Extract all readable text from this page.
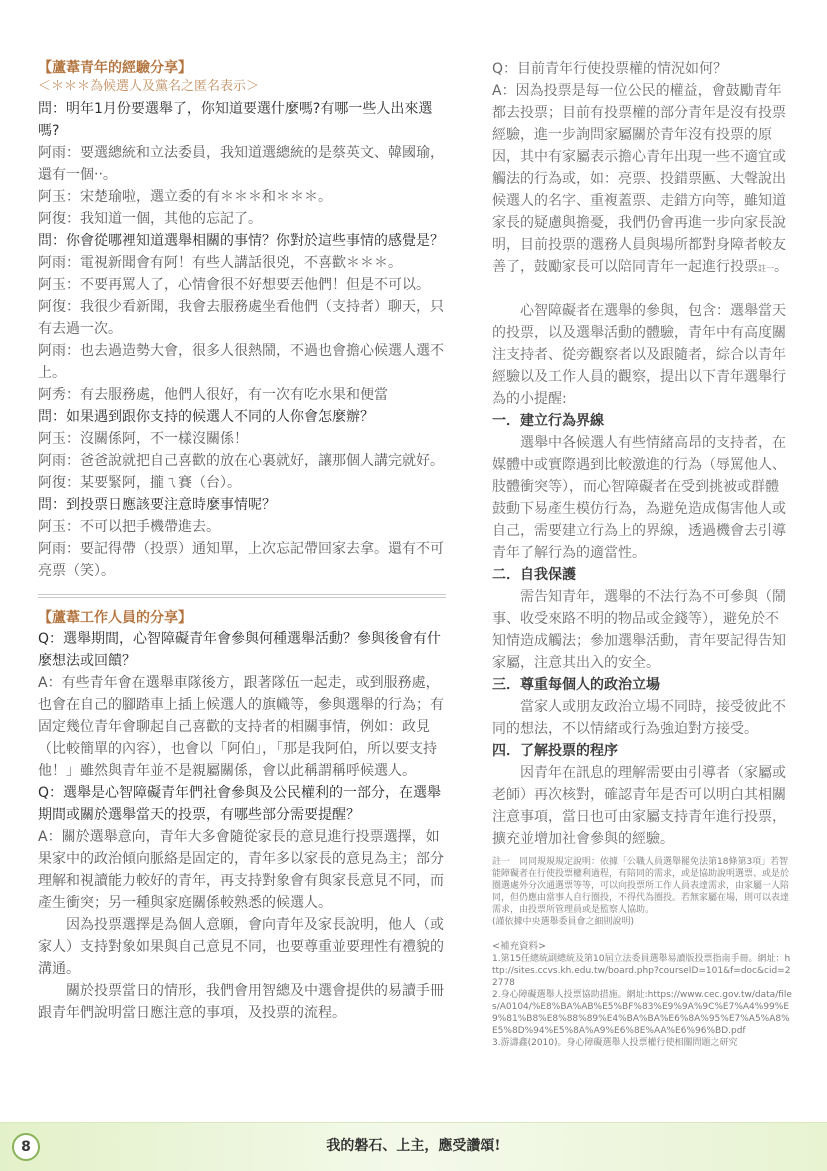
【蘆葦青年的經驗分享】

＜＊＊＊為候選人及黨名之匿名表示＞

問：明年1月份要選舉了，你知道要選什麼嗎?有哪一些人出來選嗎?

阿雨：要選總統和立法委員，我知道選總統的是蔡英文、韓國瑜，還有一個‧‧。

阿玉：宋楚瑜啦，選立委的有＊＊＊和＊＊＊。

阿復：我知道一個，其他的忘記了。

問：你會從哪裡知道選舉相關的事情？你對於這些事情的感覺是？

阿雨：電視新聞會有阿！有些人講話很兇，不喜歡＊＊＊。

阿玉：不要再罵人了，心情會很不好想要丟他們！但是不可以。

阿復：我很少看新聞，我會去服務處坐看他們（支持者）聊天，只有去過一次。

阿雨：也去過造勢大會，很多人很熱鬧，不過也會擔心候選人選不上。

阿秀：有去服務處，他們人很好，有一次有吃水果和便當

問：如果遇到跟你支持的候選人不同的人你會怎麼辦？

阿玉：沒關係阿，不一樣沒關係！

阿雨：爸爸說就把自己喜歡的放在心裏就好，讓那個人講完就好。

阿復：某要緊阿，攏ㄟ賽（台）。

問：到投票日應該要注意時麼事情呢？

阿玉：不可以把手機帶進去。

阿雨：要記得帶（投票）通知單，上次忘記帶回家去拿。還有不可亮票（笑）。

【蘆葦工作人員的分享】

Q：選舉期間，心智障礙青年會參與何種選舉活動？參與後會有什麼想法或回饋？

A：有些青年會在選舉車隊後方，跟著隊伍一起走，或到服務處，也會在自己的腳踏車上插上候選人的旗幟等，參與選舉的行為；有固定幾位青年會聊起自己喜歡的支持者的相關事情，例如：政見（比較簡單的內容），也會以「阿伯」，「那是我阿伯，所以要支持他！」雖然與青年並不是親屬關係，會以此稱謂稱呼候選人。

Q：選舉是心智障礙青年們社會參與及公民權利的一部分，在選舉期間或關於選舉當天的投票，有哪些部分需要提醒？

A：關於選舉意向，青年大多會隨從家長的意見進行投票選擇，如果家中的政治傾向脈絡是固定的，青年多以家長的意見為主；部分理解和視讀能力較好的青年，再支持對象會有與家長意見不同，而產生衝突；另一種與家庭關係較熟悉的候選人。

因為投票選擇是為個人意願，會向青年及家長說明，他人（或家人）支持對象如果與自己意見不同，也要尊重並要理性有禮貌的溝通。

關於投票當日的情形，我們會用智總及中選會提供的易讀手冊跟青年們說明當日應注意的事項，及投票的流程。

Q：目前青年行使投票權的情況如何？

A：因為投票是每一位公民的權益，會鼓勵青年都去投票；目前有投票權的部分青年是沒有投票經驗，進一步詢問家屬關於青年沒有投票的原因，其中有家屬表示擔心青年出現一些不適宜或觸法的行為或，如：亮票、投錯票匭、大聲說出候選人的名字、重複蓋票、走錯方向等，雖知道家長的疑慮與擔憂，我們仍會再進一步向家長說明，目前投票的選務人員與場所都對身障者較友善了，鼓勵家長可以陪同青年一起進行投票註一。

心智障礙者在選舉的參與，包含：選舉當天的投票，以及選舉活動的體驗，青年中有高度關注支持者、從旁觀察者以及跟隨者，綜合以青年經驗以及工作人員的觀察，提出以下青年選舉行為的小提醒:

一．建立行為界線

選舉中各候選人有些情緒高昂的支持者，在媒體中或實際遇到比較激進的行為（辱罵他人、肢體衝突等），而心智障礙者在受到挑被或群體鼓動下易產生模仿行為，為避免造成傷害他人或自己，需要建立行為上的界線，透過機會去引導青年了解行為的適當性。

二．自我保護

需告知青年，選舉的不法行為不可參與（鬧事、收受來路不明的物品或金錢等），避免於不知情造成觸法；參加選舉活動，青年要記得告知家屬，注意其出入的安全。

三．尊重每個人的政治立場

當家人或朋友政治立場不同時，接受彼此不同的想法，不以情緒或行為強迫對方接受。

四．了解投票的程序

因青年在訊息的理解需要由引導者（家屬或老師）再次核對，確認青年是否可以明白其相關注意事項，當日也可由家屬支持青年進行投票，擴充並增加社會參與的經驗。

註一　同同規規規定說明：依據「公職人員選舉罷免法第18條第3項」若智能障礙者在行使投票權利過程，有陪同的需求，或是協助說明選票、或是於圈選處外分次通選票等等，可以向投票所工作人員表達需求，由家屬一人陪同，但仍應由當事人自行圈投，不得代為圈投。若無家屬在場，則可以表達需求，由投票所管理員或是監察人協助。

(謹依據中央選舉委員會之細則說明)

<補充資料>

1.第15任總統副總統及第10屆立法委員選舉易讀版投票指南手冊。網址：http://sites.ccvs.kh.edu.tw/board.php?courseID=101&f=doc&cid=22778

2.身心障礙選舉人投票協助措施。網址:https://www.cec.gov.tw/data/files/A0104/%E8%BA%AB%E5%BF%83%E9%9A%9C%E7%A4%99%E9%81%B8%E8%88%89%E4%BA%BA%E6%8A%95%E7%A5%A8%E5%8D%94%E5%8A%A9%E6%8E%AA%E6%96%BD.pdf

3.游濤鑫(2010)。身心障礙選舉人投票權行使相關問題之研究

8	我的磐石、上主，應受讚頌!
